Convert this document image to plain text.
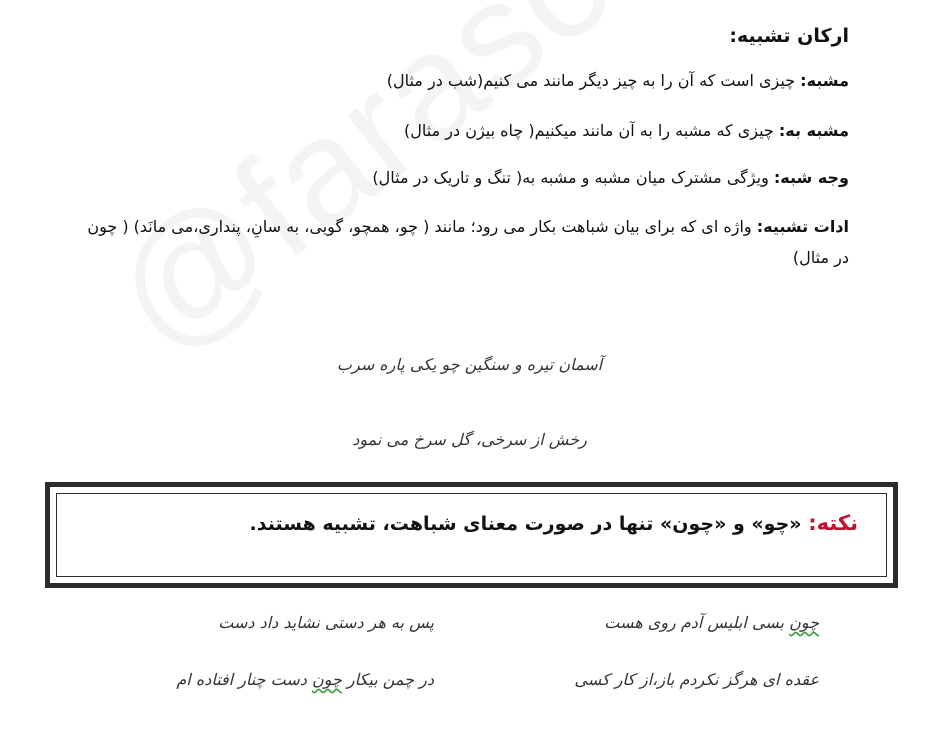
ارکان تشبیه:
مشبه: چیزی است که آن را به چیز دیگر مانند می کنیم(شب در مثال)
مشبه به: چیزی که مشبه را به آن مانند میکنیم( چاه بیژن در مثال)
وجه شبه: ویژگی مشترک میان مشبه و مشبه به( تنگ و تاریک در مثال)
ادات تشبیه: واژه ای که برای بیان شباهت بکار می رود؛ مانند ( چو، همچو، گویی، به سانِ، پنداری،می مانَد) ( چون در مثال)
آسمان تیره و سنگین چو یکی پاره سرب
رخش از سرخی، گل سرخ می نمود
نکته: «چو» و «چون» تنها در صورت معنای شباهت، تشبیه هستند.
چون بسی ابلیس آدم روی هست
پس به هر دستی نشاید داد دست
عقده ای هرگز نکردم باز،از کار کسی
در چمن بیکار چون دست چنار افتاده ام
